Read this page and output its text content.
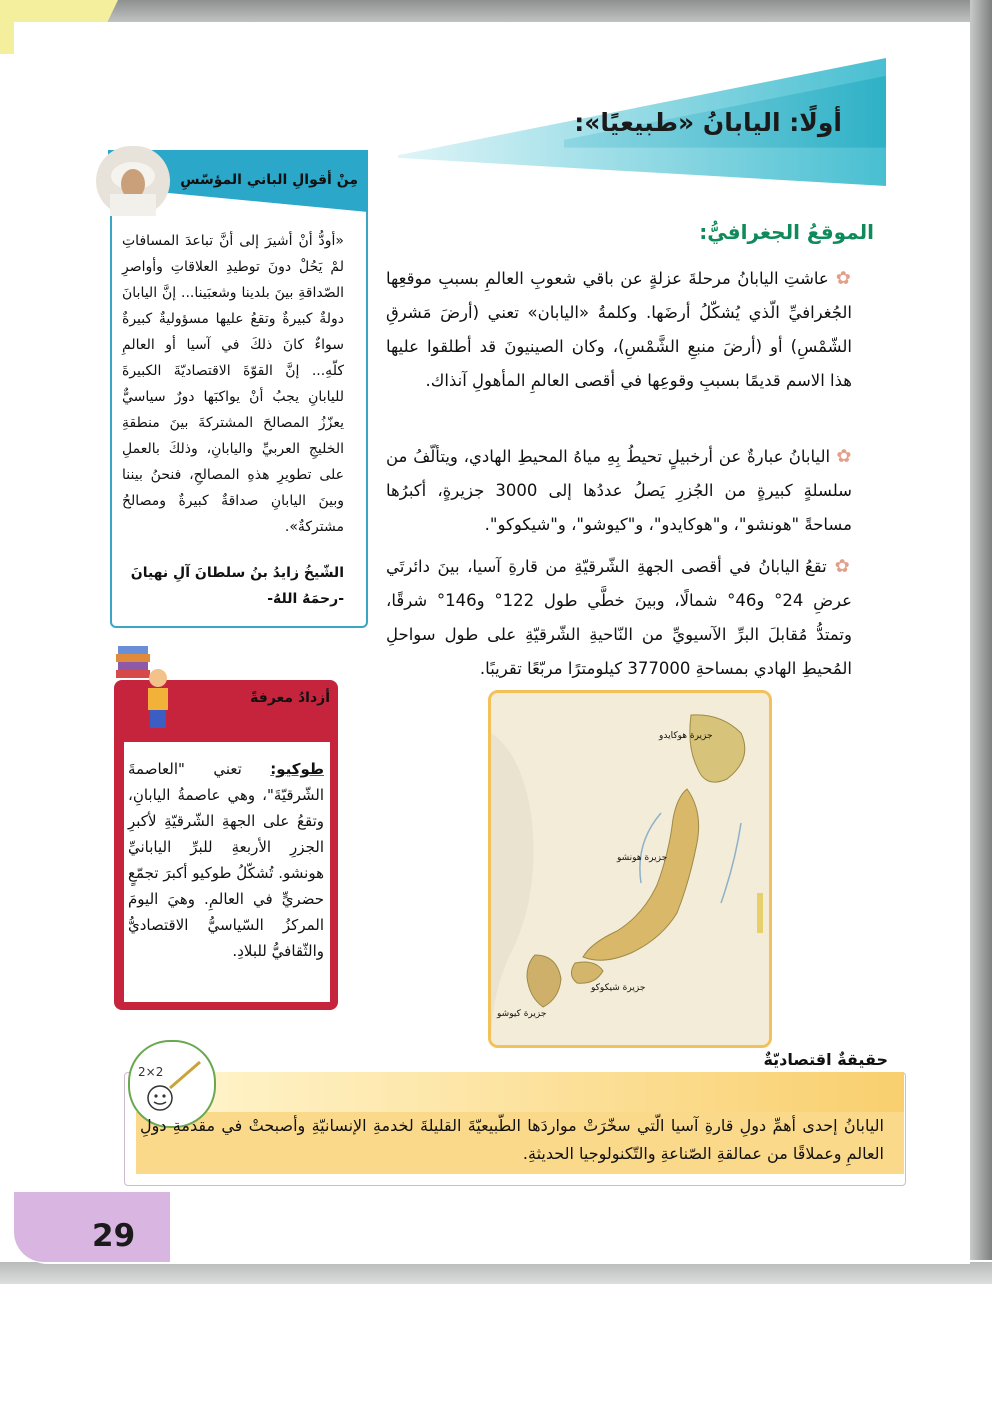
أولًا: اليابانُ «طبيعيًا»:
الموقعُ الجغرافيُّ:
✿ عاشتِ اليابانُ مرحلةَ عزلةٍ عن باقي شعوبِ العالمِ بسببِ موقعِها الجُغرافيِّ الّذي يُشكّلُ أرضَها. وكلمةُ «اليابان» تعني (أرضَ مَشرقِ الشّمْسِ) أو (أرضَ منبعِ الشَّمْسِ)، وكان الصينيونَ قد أطلقوا عليها هذا الاسم قديمًا بسببِ وقوعِها في أقصى العالمِ المأهولِ آنذاك.
✿ اليابانُ عبارةٌ عن أرخبيلٍ تحيطُ بِهِ مياهُ المحيطِ الهادي، ويتألّفُ من سلسلةٍ كبيرةٍ من الجُزرِ يَصلُ عددُها إلى 3000 جزيرةٍ، أكبرُها مساحةً "هونشو"، و"هوكايدو"، و"كيوشو"، و"شيكوكو".
✿ تقعُ اليابانُ في أقصى الجهةِ الشّرقيّةِ من قارةِ آسيا، بينَ دائرتَي عرضِ 24° و46° شمالًا، وبينَ خطَّي طول 122° و146° شرقًا، وتمتدُّ مُقابلَ البرِّ الآسيويِّ من النّاحيةِ الشّرقيّةِ على طول سواحلِ المُحيطِ الهادي بمساحةِ 377000 كيلومترًا مربّعًا تقريبًا.
جزيرة هوكايدو
جزيرة هونشو
جزيرة شيكوكو
جزيرة كيوشو
مِنْ أقوالِ الباني المؤسّسِ
«أودُّ أنْ أشيرَ إلى أنَّ تباعدَ المسافاتِ لمْ يَحُلْ دونَ توطيدِ العلاقاتِ وأواصرِ الصّداقةِ بينَ بلدينا وشعبَينا... إنَّ اليابانَ دولةٌ كبيرةٌ وتقعُ عليها مسؤوليةٌ كبيرةٌ سواءٌ كانَ ذلكَ في آسيا أو العالمِ كلّهِ... إنَّ القوّةَ الاقتصاديّةَ الكبيرةَ لليابانِ يجبُ أنْ يواكبَها دورٌ سياسيٌّ يعزّزُ المصالحَ المشتركةَ بينَ منطقةِ الخليجِ العربيِّ واليابانِ، وذلكَ بالعملِ على تطويرِ هذهِ المصالحِ، فنحنُ بيننا وبينَ اليابانِ صداقةٌ كبيرةٌ ومصالحُ مشتركةٌ».
الشّيخُ زايدُ بنُ سلطانَ آلِ نهيانَ
-رحمَهُ اللهُ-
أزدادُ معرفةً
طوكيو: تعني "العاصمةَ الشّرقيّةَ"، وهي عاصمةُ اليابانِ، وتقعُ على الجهةِ الشّرقيّةِ لأكبرِ الجزرِ الأربعةِ للبرِّ اليابانيِّ هونشو. تُشكّلُ طوكيو أكبرَ تجمّعٍ حضريٍّ في العالمِ. وهيَ اليومَ المركزُ السّياسيُّ الاقتصاديُّ والثّقافيُّ للبلادِ.
2×2
حقيقةٌ اقتصاديّةٌ
اليابانُ إحدى أهمِّ دولِ قارةِ آسيا الّتي سخّرَتْ مواردَها الطّبيعيّةَ القليلةَ لخدمةِ الإنسانيّةِ وأصبحتْ في مقدمةِ دولِ العالمِ وعملاقًا من عمالقةِ الصّناعةِ والتّكنولوجيا الحديثةِ.
29
